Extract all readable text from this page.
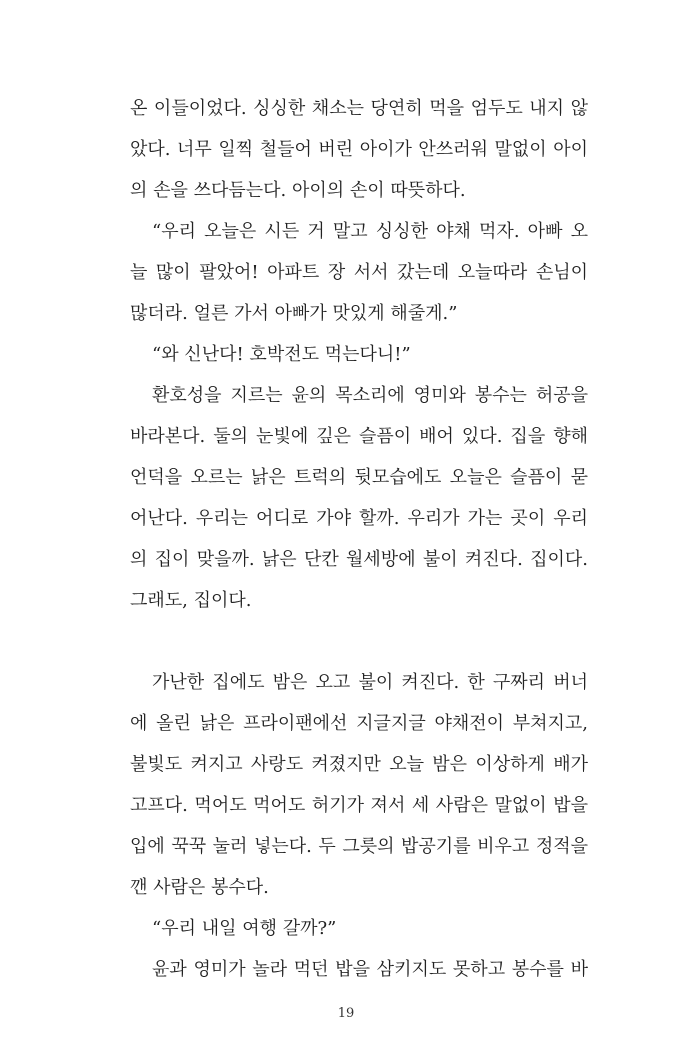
온 이들이었다. 싱싱한 채소는 당연히 먹을 엄두도 내지 않
았다. 너무 일찍 철들어 버린 아이가 안쓰러워 말없이 아이
의 손을 쓰다듬는다. 아이의 손이 따뜻하다.
“우리 오늘은 시든 거 말고 싱싱한 야채 먹자. 아빠 오
늘 많이 팔았어! 아파트 장 서서 갔는데 오늘따라 손님이
많더라. 얼른 가서 아빠가 맛있게 해줄게.”
“와 신난다! 호박전도 먹는다니!”
환호성을 지르는 윤의 목소리에 영미와 봉수는 허공을
바라본다. 둘의 눈빛에 깊은 슬픔이 배어 있다. 집을 향해
언덕을 오르는 낡은 트럭의 뒷모습에도 오늘은 슬픔이 묻
어난다. 우리는 어디로 가야 할까. 우리가 가는 곳이 우리
의 집이 맞을까. 낡은 단칸 월세방에 불이 켜진다. 집이다.
그래도, 집이다.
가난한 집에도 밤은 오고 불이 켜진다. 한 구짜리 버너
에 올린 낡은 프라이팬에선 지글지글 야채전이 부쳐지고,
불빛도 켜지고 사랑도 켜졌지만 오늘 밤은 이상하게 배가
고프다. 먹어도 먹어도 허기가 져서 세 사람은 말없이 밥을
입에 꾹꾹 눌러 넣는다. 두 그릇의 밥공기를 비우고 정적을
깬 사람은 봉수다.
“우리 내일 여행 갈까?”
윤과 영미가 놀라 먹던 밥을 삼키지도 못하고 봉수를 바
19
